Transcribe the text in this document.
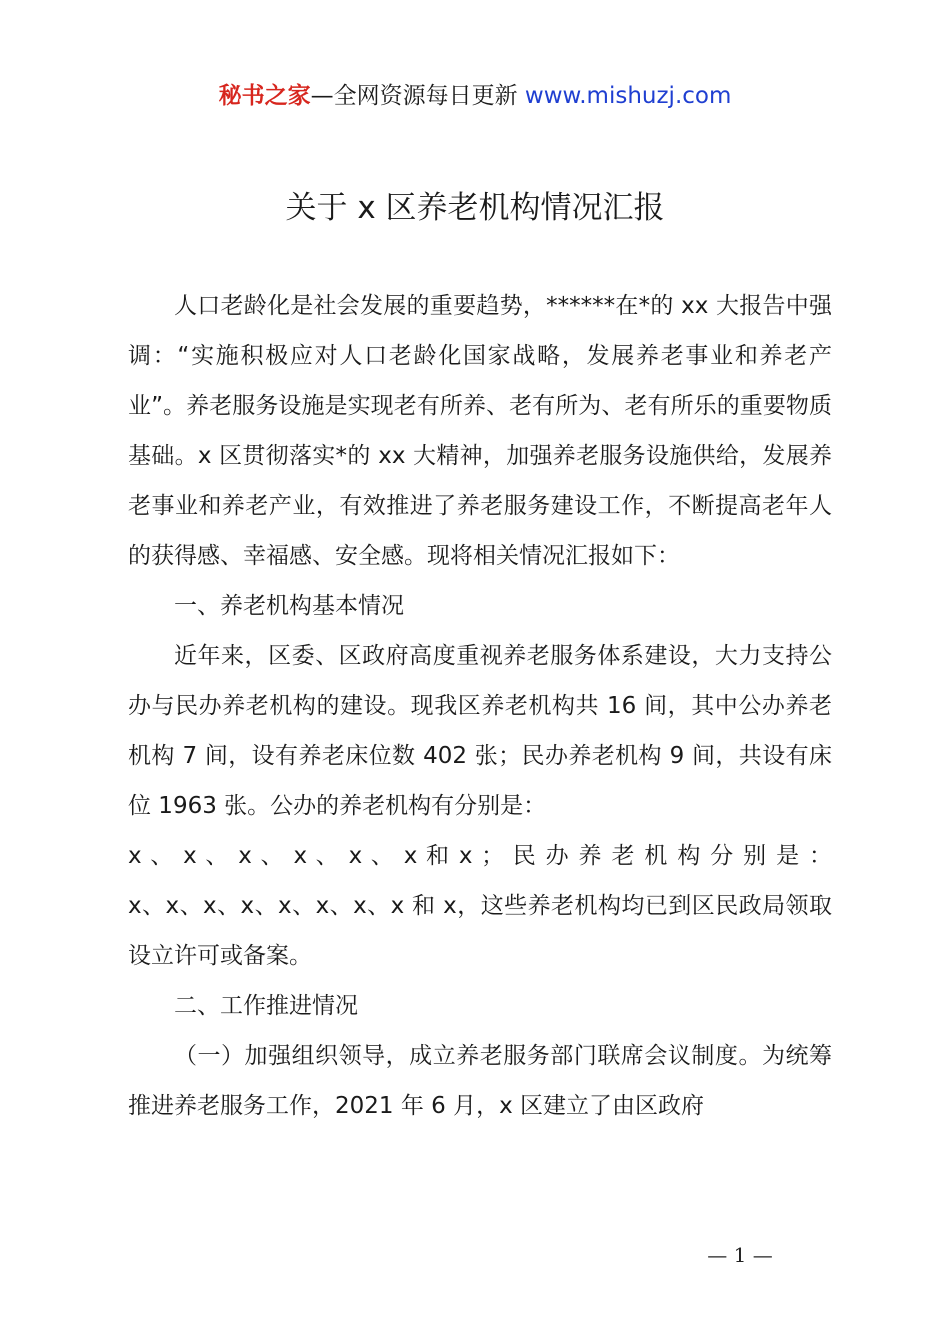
秘书之家—全网资源每日更新 www.mishuzj.com
关于 x 区养老机构情况汇报

人口老龄化是社会发展的重要趋势，******在*的 xx 大报告中强调：“实施积极应对人口老龄化国家战略，发展养老事业和养老产业”。养老服务设施是实现老有所养、老有所为、老有所乐的重要物质基础。x 区贯彻落实*的 xx 大精神，加强养老服务设施供给，发展养老事业和养老产业，有效推进了养老服务建设工作，不断提高老年人的获得感、幸福感、安全感。现将相关情况汇报如下：

一、养老机构基本情况

近年来，区委、区政府高度重视养老服务体系建设，大力支持公办与民办养老机构的建设。现我区养老机构共 16 间，其中公办养老机构 7 间，设有养老床位数 402 张；民办养老机构 9 间，共设有床位 1963 张。公办的养老机构有分别是：

x 、 x 、 x 、 x 、 x 、 x 和 x ； 民 办 养 老 机 构 分 别 是 ：

x、x、x、x、x、x、x、x 和 x，这些养老机构均已到区民政局领取设立许可或备案。

二、工作推进情况

（一）加强组织领导，成立养老服务部门联席会议制度。为统筹推进养老服务工作，2021 年 6 月，x 区建立了由区政府

— 1 —
